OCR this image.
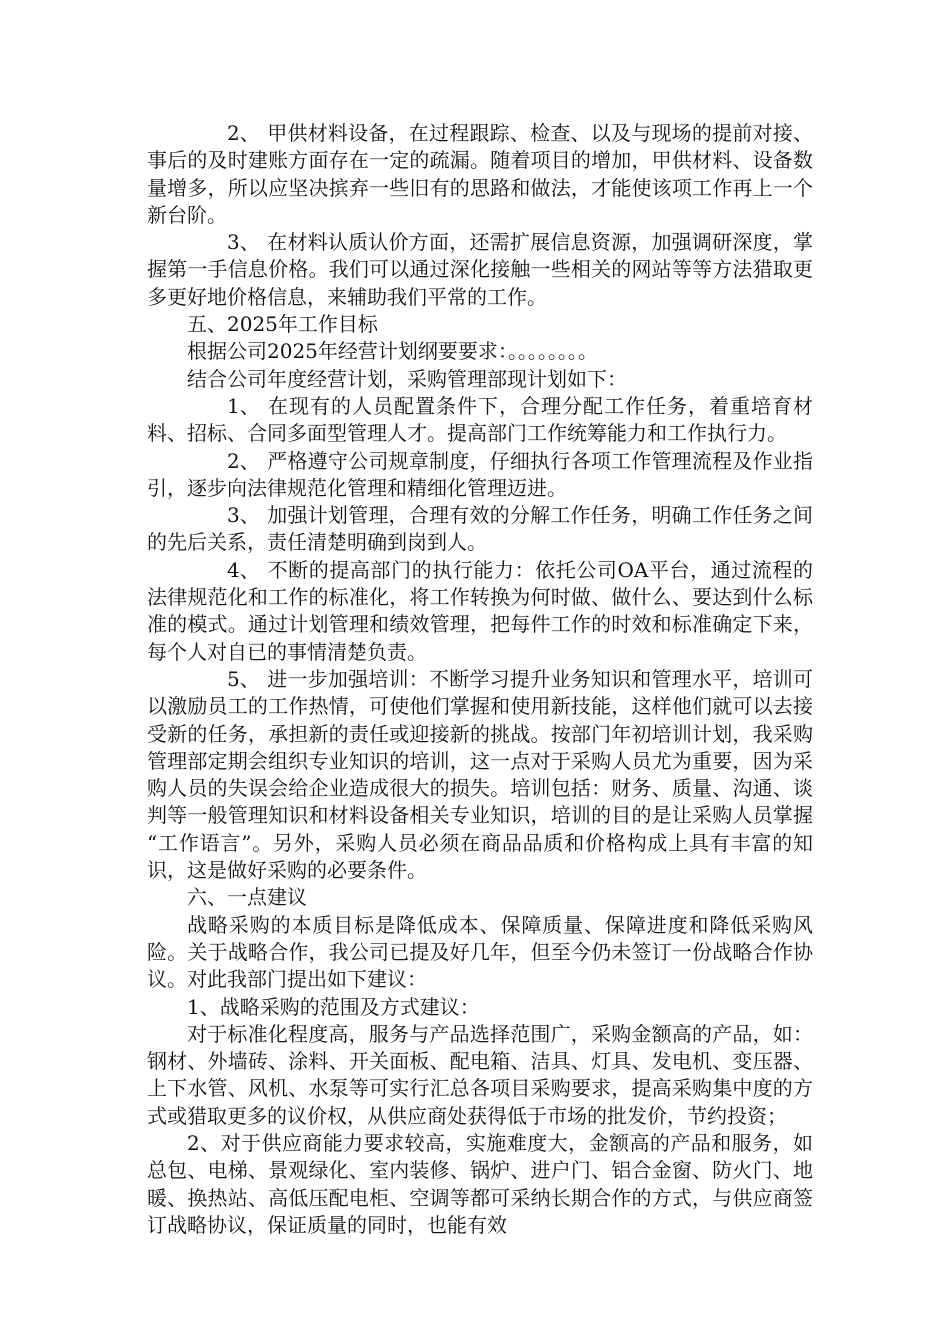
2、 甲供材料设备，在过程跟踪、检查、以及与现场的提前对接、事后的及时建账方面存在一定的疏漏。随着项目的增加，甲供材料、设备数量增多，所以应坚决摈弃一些旧有的思路和做法，才能使该项工作再上一个新台阶。

3、 在材料认质认价方面，还需扩展信息资源，加强调研深度，掌握第一手信息价格。我们可以通过深化接触一些相关的网站等等方法猎取更多更好地价格信息，来辅助我们平常的工作。

五、2025年工作目标

根据公司2025年经营计划纲要要求：。。。。。。。。

结合公司年度经营计划，采购管理部现计划如下：

1、 在现有的人员配置条件下，合理分配工作任务，着重培育材料、招标、合同多面型管理人才。提高部门工作统筹能力和工作执行力。

2、 严格遵守公司规章制度，仔细执行各项工作管理流程及作业指引，逐步向法律规范化管理和精细化管理迈进。

3、 加强计划管理，合理有效的分解工作任务，明确工作任务之间的先后关系，责任清楚明确到岗到人。

4、 不断的提高部门的执行能力：依托公司OA平台，通过流程的法律规范化和工作的标准化，将工作转换为何时做、做什么、要达到什么标准的模式。通过计划管理和绩效管理，把每件工作的时效和标准确定下来，每个人对自已的事情清楚负责。

5、 进一步加强培训：不断学习提升业务知识和管理水平，培训可以激励员工的工作热情，可使他们掌握和使用新技能，这样他们就可以去接受新的任务，承担新的责任或迎接新的挑战。按部门年初培训计划，我采购管理部定期会组织专业知识的培训，这一点对于采购人员尤为重要，因为采购人员的失误会给企业造成很大的损失。培训包括：财务、质量、沟通、谈判等一般管理知识和材料设备相关专业知识，培训的目的是让采购人员掌握 “工作语言”。另外，采购人员必须在商品品质和价格构成上具有丰富的知识，这是做好采购的必要条件。

六、一点建议

战略采购的本质目标是降低成本、保障质量、保障进度和降低采购风险。关于战略合作，我公司已提及好几年，但至今仍未签订一份战略合作协议。对此我部门提出如下建议：

1、战略采购的范围及方式建议：

对于标准化程度高，服务与产品选择范围广，采购金额高的产品，如：钢材、外墙砖、涂料、开关面板、配电箱、洁具、灯具、发电机、变压器、上下水管、风机、水泵等可实行汇总各项目采购要求，提高采购集中度的方式或猎取更多的议价权，从供应商处获得低于市场的批发价，节约投资；

2、对于供应商能力要求较高，实施难度大，金额高的产品和服务，如总包、电梯、景观绿化、室内装修、锅炉、进户门、铝合金窗、防火门、地暖、换热站、高低压配电柜、空调等都可采纳长期合作的方式，与供应商签订战略协议，保证质量的同时，也能有效
